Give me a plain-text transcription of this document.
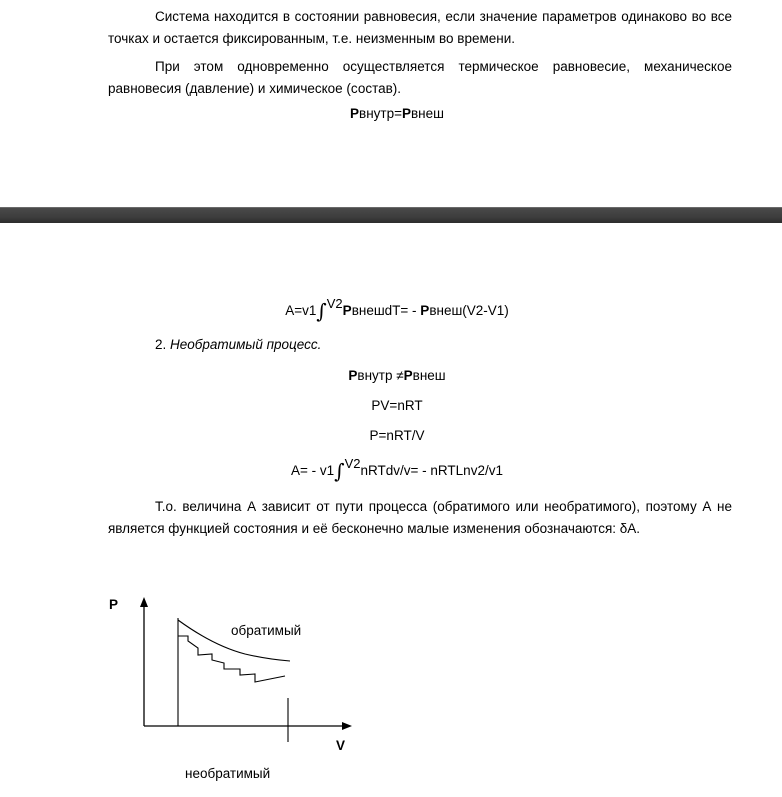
Система находится в состоянии равновесия, если значение параметров одинаково во все точках и остается фиксированным, т.е. неизменным во времени.

При этом одновременно осуществляется термическое равновесие, механическое равновесия (давление) и химическое (состав).

Рвнутр=Рвнеш
A=v1∫V2РвнешdT= - Рвнеш(V2-V1)
2. Необратимый процесс.
Рвнутр ≠Рвнеш
PV=nRT
P=nRT/V
A= - v1∫V2nRTdv/v= - nRTLnv2/v1

Т.о. величина А зависит от пути процесса (обратимого или необратимого), поэтому А не является функцией состояния и её бесконечно малые изменения обозначаются: δA.

P
V
обратимый
необратимый
